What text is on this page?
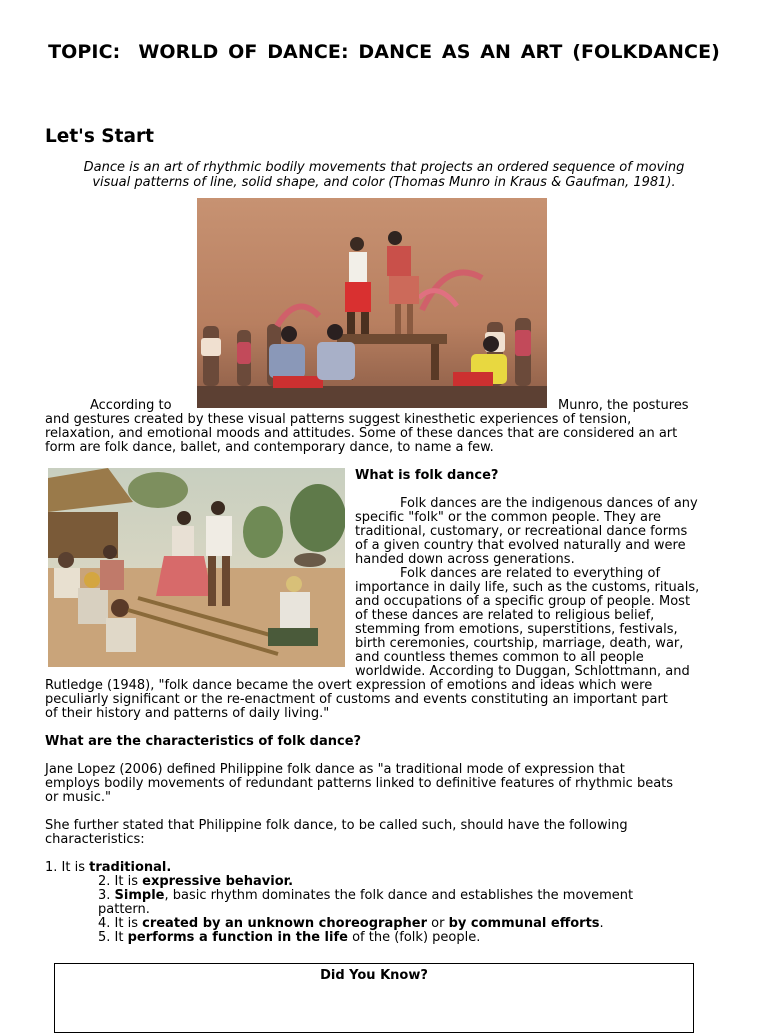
TOPIC: WORLD OF DANCE: DANCE AS AN ART (FOLKDANCE)
Let's Start
Dance is an art of rhythmic bodily movements that projects an ordered sequence of moving
visual patterns of line, solid shape, and color (Thomas Munro in Kraus & Gaufman, 1981).
According to	Munro, the postures
and gestures created by these visual patterns suggest kinesthetic experiences of tension,
relaxation, and emotional moods and attitudes. Some of these dances that are considered an art
form are folk dance, ballet, and contemporary dance, to name a few.
What is folk dance?
Folk dances are the indigenous dances of any
specific "folk" or the common people. They are
traditional, customary, or recreational dance forms
of a given country that evolved naturally and were
handed down across generations.
Folk dances are related to everything of
importance in daily life, such as the customs, rituals,
and occupations of a specific group of people. Most
of these dances are related to religious belief,
stemming from emotions, superstitions, festivals,
birth ceremonies, courtship, marriage, death, war,
and countless themes common to all people
worldwide. According to Duggan, Schlottmann, and
Rutledge (1948), "folk dance became the overt expression of emotions and ideas which were
peculiarly significant or the re-enactment of customs and events constituting an important part
of their history and patterns of daily living."
What are the characteristics of folk dance?
Jane Lopez (2006) defined Philippine folk dance as "a traditional mode of expression that
employs bodily movements of redundant patterns linked to definitive features of rhythmic beats
or music."
She further stated that Philippine folk dance, to be called such, should have the following
characteristics:
1. It is traditional.
2. It is expressive behavior.
3. Simple, basic rhythm dominates the folk dance and establishes the movement
pattern.
4. It is created by an unknown choreographer or by communal efforts.
5. It performs a function in the life of the (folk) people.
Did You Know?
